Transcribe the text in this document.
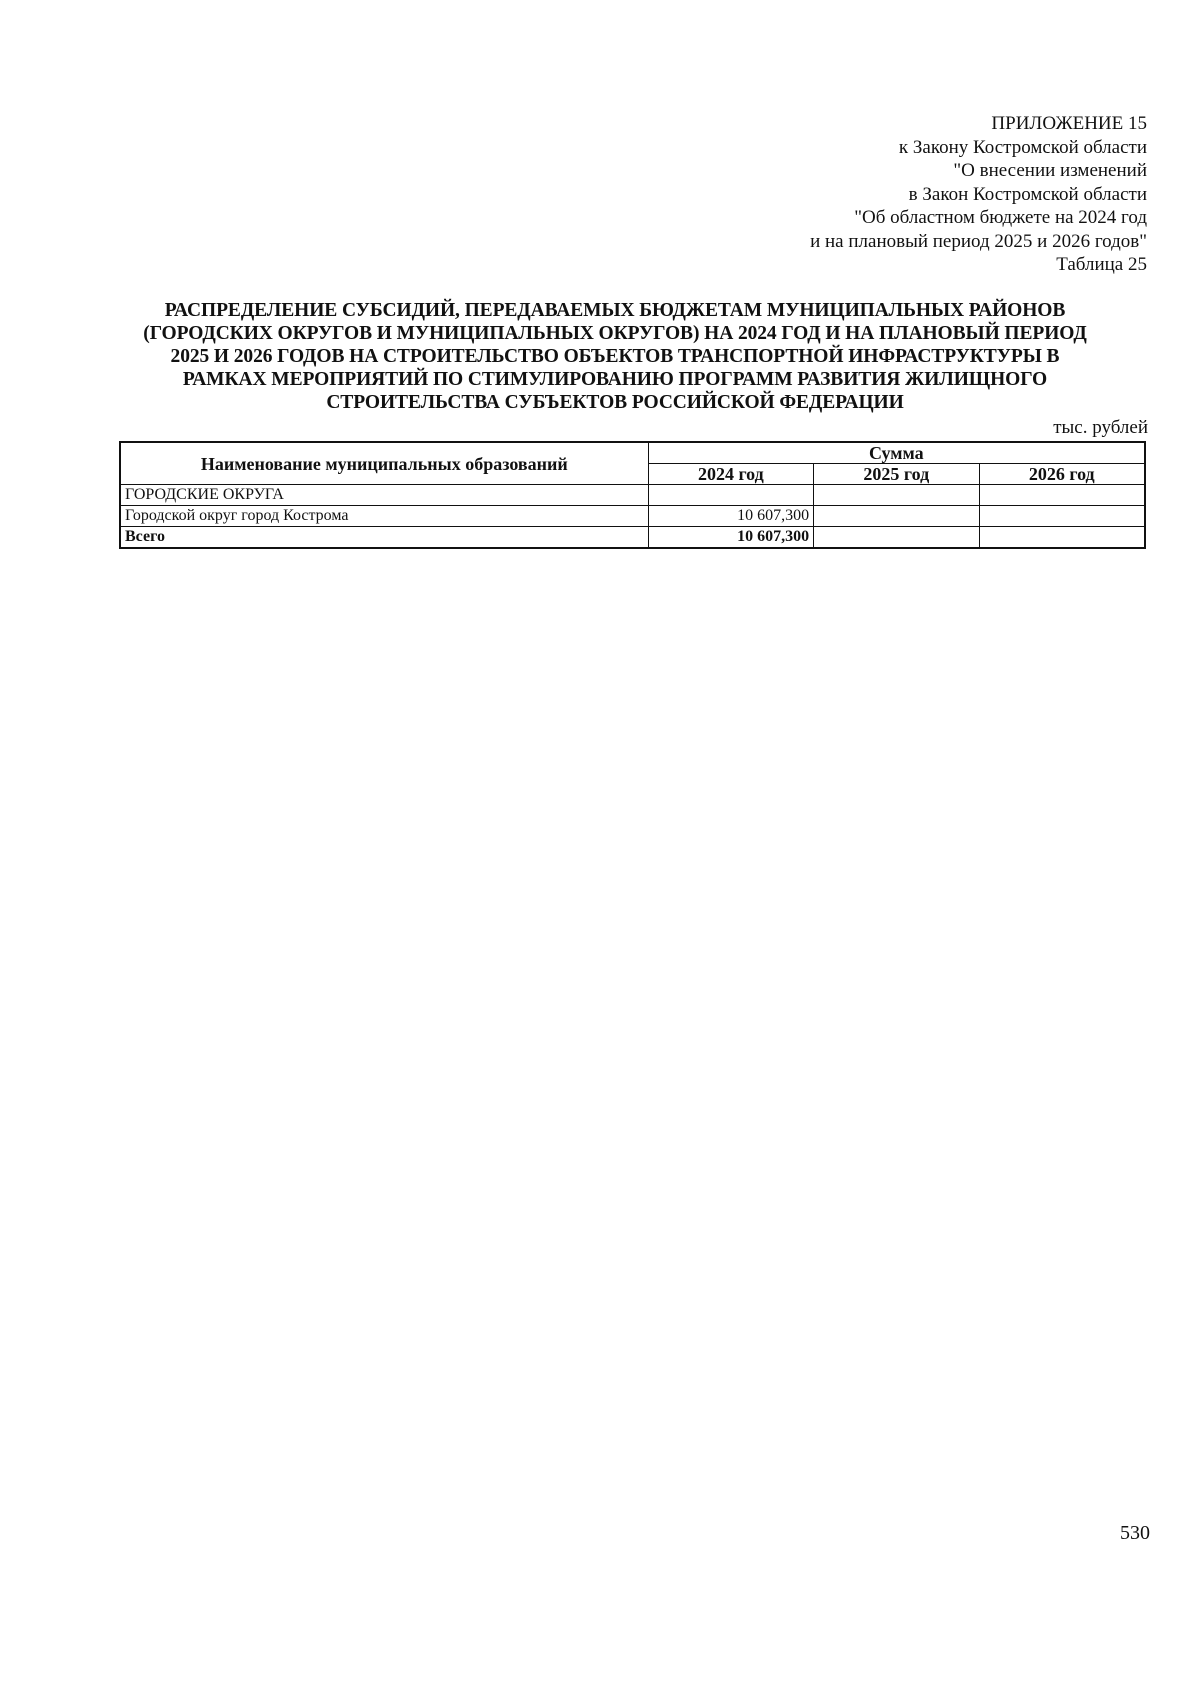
ПРИЛОЖЕНИЕ 15
к Закону Костромской области
"О внесении изменений
в Закон Костромской области
"Об областном бюджете на 2024 год
и на плановый период 2025 и 2026 годов"
Таблица 25
РАСПРЕДЕЛЕНИЕ СУБСИДИЙ, ПЕРЕДАВАЕМЫХ БЮДЖЕТАМ МУНИЦИПАЛЬНЫХ РАЙОНОВ
(ГОРОДСКИХ ОКРУГОВ И МУНИЦИПАЛЬНЫХ ОКРУГОВ) НА 2024 ГОД И НА ПЛАНОВЫЙ ПЕРИОД
2025 И 2026 ГОДОВ НА СТРОИТЕЛЬСТВО ОБЪЕКТОВ ТРАНСПОРТНОЙ ИНФРАСТРУКТУРЫ В
РАМКАХ МЕРОПРИЯТИЙ ПО СТИМУЛИРОВАНИЮ ПРОГРАММ РАЗВИТИЯ ЖИЛИЩНОГО
СТРОИТЕЛЬСТВА СУБЪЕКТОВ РОССИЙСКОЙ ФЕДЕРАЦИИ
тыс. рублей
Наименование муниципальных образований	Сумма		
	2024 год	2025 год	2026 год
ГОРОДСКИЕ ОКРУГА			
Городской округ город Кострома	10 607,300		
Всего	10 607,300		
530
